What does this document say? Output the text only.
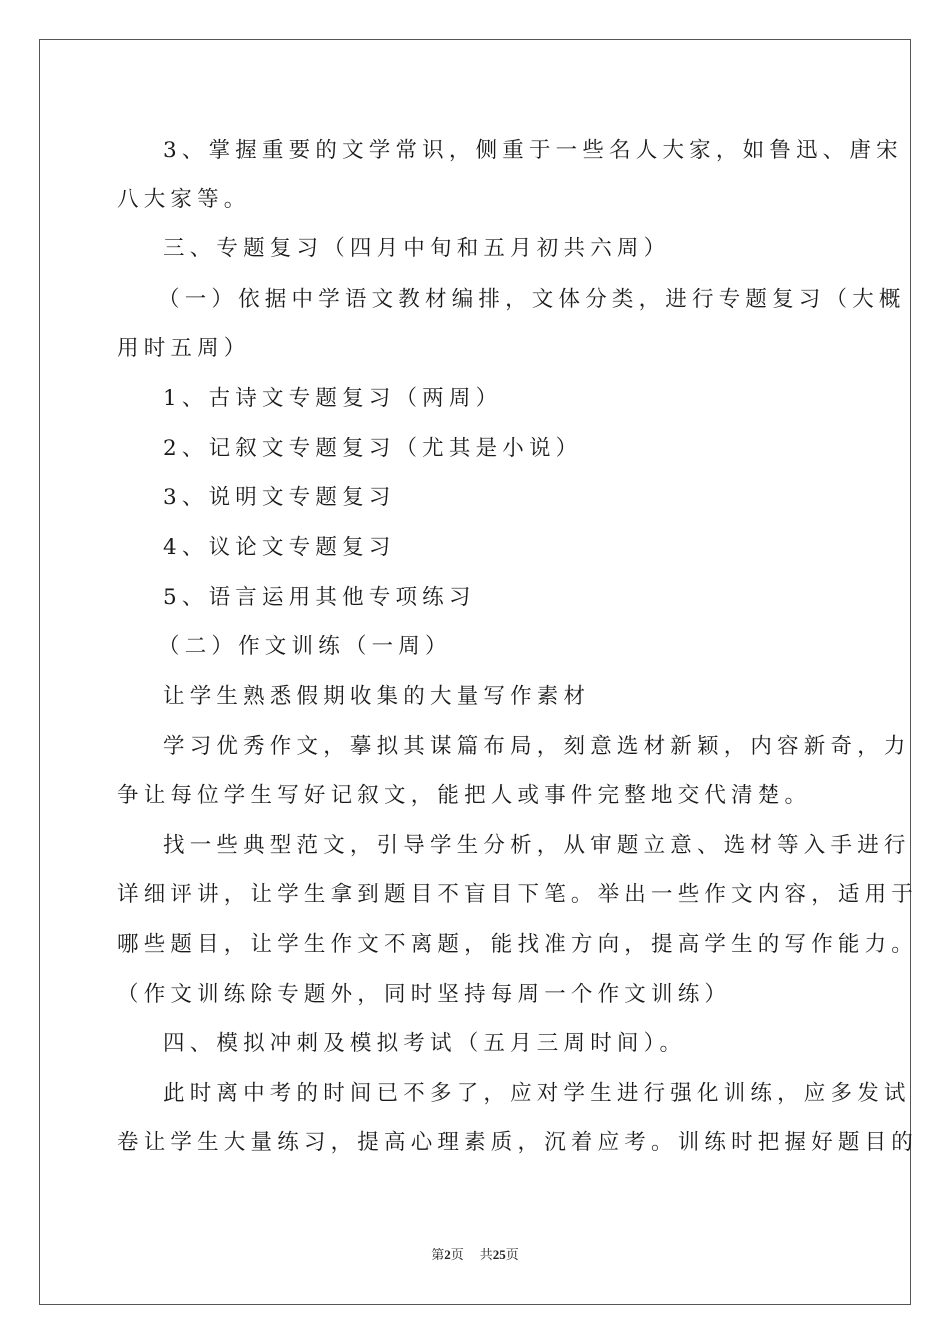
3、掌握重要的文学常识，侧重于一些名人大家，如鲁迅、唐宋
八大家等。
三、专题复习（四月中旬和五月初共六周）
（一）依据中学语文教材编排，文体分类，进行专题复习（大概
用时五周）
1、古诗文专题复习（两周）
2、记叙文专题复习（尤其是小说）
3、说明文专题复习
4、议论文专题复习
5、语言运用其他专项练习
（二）作文训练（一周）
让学生熟悉假期收集的大量写作素材
学习优秀作文，摹拟其谋篇布局，刻意选材新颖，内容新奇，力
争让每位学生写好记叙文，能把人或事件完整地交代清楚。
找一些典型范文，引导学生分析，从审题立意、选材等入手进行
详细评讲，让学生拿到题目不盲目下笔。举出一些作文内容，适用于
哪些题目，让学生作文不离题，能找准方向，提高学生的写作能力。
（作文训练除专题外，同时坚持每周一个作文训练）
四、模拟冲刺及模拟考试（五月三周时间）。
此时离中考的时间已不多了，应对学生进行强化训练，应多发试
卷让学生大量练习，提高心理素质，沉着应考。训练时把握好题目的
第2页 共25页
